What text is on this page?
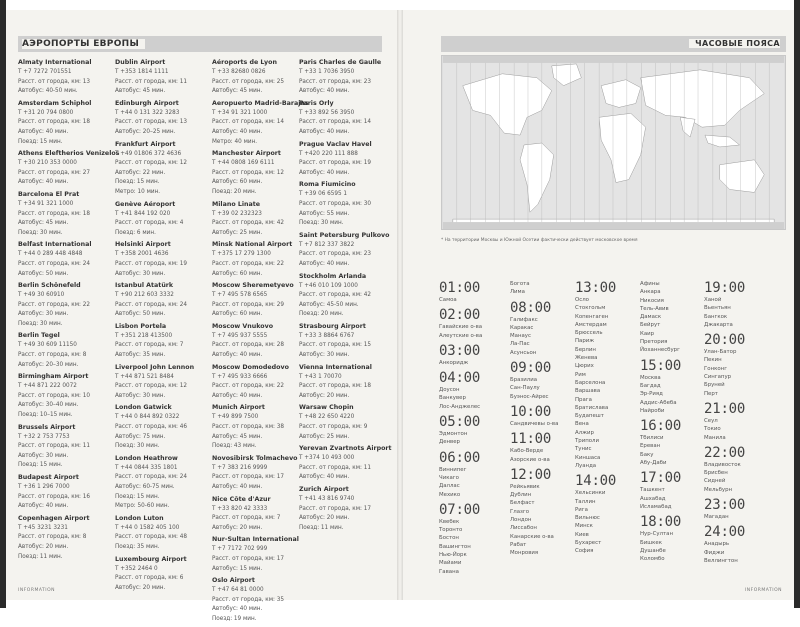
АЭРОПОРТЫ ЕВРОПЫ
Almaty International
T +7 7272 701551
Расст. от города, км: 13
Автобус: 40-50 мин.
Amsterdam Schiphol
T +31 20 794 0800
Расст. от города, км: 18
Автобус: 40 мин.
Поезд: 15 мин.
Athens Eleftherios Venizelos
T +30 210 353 0000
Расст. от города, км: 27
Автобус: 40 мин.
Barcelona El Prat
T +34 91 321 1000
Расст. от города, км: 18
Автобус: 45 мин.
Поезд: 30 мин.
Belfast International
T +44 0 289 448 4848
Расст. от города, км: 24
Автобус: 50 мин.
Berlin Schönefeld
T +49 30 60910
Расст. от города, км: 22
Автобус: 30 мин.
Поезд: 30 мин.
Berlin Tegel
T +49 30 609 11150
Расст. от города, км: 8
Автобус: 20–30 мин.
Birmingham Airport
T +44 871 222 0072
Расст. от города, км: 10
Автобус: 30–40 мин.
Поезд: 10–15 мин.
Brussels Airport
T +32 2 753 7753
Расст. от города, км: 11
Автобус: 30 мин.
Поезд: 15 мин.
Budapest Airport
T +36 1 296 7000
Расст. от города, км: 16
Автобус: 40 мин.
Copenhagen Airport
T +45 3231 3231
Расст. от города, км: 8
Автобус: 20 мин.
Поезд: 11 мин.
Dublin Airport
T +353 1814 1111
Расст. от города, км: 11
Автобус: 45 мин.
Edinburgh Airport
T +44 0 131 322 3283
Расст. от города, км: 13
Автобус: 20–25 мин.
Frankfurt Airport
T +49 01806 372 4636
Расст. от города, км: 12
Автобус: 22 мин.
Поезд: 15 мин.
Метро: 10 мин.
Genève Aéroport
T +41 844 192 020
Расст. от города, км: 4
Поезд: 6 мин.
Helsinki Airport
T +358 2001 4636
Расст. от города, км: 19
Автобус: 30 мин.
Istanbul Atatürk
T +90 212 603 3332
Расст. от города, км: 24
Автобус: 50 мин.
Lisbon Portela
T +351 218 413500
Расст. от города, км: 7
Автобус: 35 мин.
Liverpool John Lennon
T +44 871 521 8484
Расст. от города, км: 12
Автобус: 30 мин.
London Gatwick
T +44 0 844 892 0322
Расст. от города, км: 46
Автобус: 75 мин.
Поезд: 30 мин.
London Heathrow
T +44 0844 335 1801
Расст. от города, км: 24
Автобус: 60-75 мин.
Поезд: 15 мин.
Метро: 50-60 мин.
London Luton
T +44 0 1582 405 100
Расст. от города, км: 48
Поезд: 35 мин.
Luxembourg Airport
T +352 2464 0
Расст. от города, км: 6
Автобус: 20 мин.
Aéroports de Lyon
T +33 82680 0826
Расст. от города, км: 25
Автобус: 45 мин.
Aeropuerto Madrid-Barajas
T +34 91 321 1000
Расст. от города, км: 14
Автобус: 40 мин.
Метро: 40 мин.
Manchester Airport
T +44 0808 169 6111
Расст. от города, км: 12
Автобус: 60 мин.
Поезд: 20 мин.
Milano Linate
T +39 02 232323
Расст. от города, км: 42
Автобус: 25 мин.
Minsk National Airport
T +375 17 279 1300
Расст. от города, км: 22
Автобус: 60 мин.
Moscow Sheremetyevo
T +7 495 578 6565
Расст. от города, км: 29
Автобус: 60 мин.
Moscow Vnukovo
T +7 495 937 5555
Расст. от города, км: 28
Автобус: 40 мин.
Moscow Domodedovo
T +7 495 933 6666
Расст. от города, км: 22
Автобус: 40 мин.
Munich Airport
T +49 899 7500
Расст. от города, км: 38
Автобус: 45 мин.
Поезд: 43 мин.
Novosibirsk Tolmachevo
T +7 383 216 9999
Расст. от города, км: 17
Автобус: 40 мин.
Nice Côte d'Azur
T +33 820 42 3333
Расст. от города, км: 7
Автобус: 20 мин.
Nur-Sultan International
T +7 7172 702 999
Расст. от города, км: 17
Автобус: 15 мин.
Oslo Airport
T +47 64 81 0000
Расст. от города, км: 35
Автобус: 40 мин.
Поезд: 19 мин.
Paris Charles de Gaulle
T +33 1 7036 3950
Расст. от города, км: 23
Автобус: 40 мин.
Paris Orly
T +33 892 56 3950
Расст. от города, км: 14
Автобус: 40 мин.
Prague Vaclav Havel
T +420 220 111 888
Расст. от города, км: 19
Автобус: 40 мин.
Roma Fiumicino
T +39 06 6595 1
Расст. от города, км: 30
Автобус: 55 мин.
Поезд: 30 мин.
Saint Petersburg Pulkovo
T +7 812 337 3822
Расст. от города, км: 23
Автобус: 40 мин.
Stockholm Arlanda
T +46 010 109 1000
Расст. от города, км: 42
Автобус: 45-50 мин.
Поезд: 20 мин.
Strasbourg Airport
T +33 3 8864 6767
Расст. от города, км: 15
Автобус: 30 мин.
Vienna International
T +43 1 70070
Расст. от города, км: 18
Автобус: 20 мин.
Warsaw Chopin
T +48 22 650 4220
Расст. от города, км: 9
Автобус: 25 мин.
Yerevan Zvartnots Airport
T +374 10 493 000
Расст. от города, км: 11
Автобус: 40 мин.
Zurich Airport
T +41 43 816 9740
Расст. от города, км: 17
Автобус: 20 мин.
Поезд: 11 мин.
INFORMATION
ЧАСОВЫЕ ПОЯСА
* На территории Москвы и Южной Осетии фактически действует московское время
01:00
Самоа
02:00
Гавайские о-ва
Алеутские о-ва
03:00
Анкоридж
04:00
Доусон
Ванкувер
Лос-Анджелес
05:00
Эдмонтон
Денвер
06:00
Виннипег
Чикаго
Даллас
Мехико
07:00
Квебек
Торонто
Бостон
Вашингтон
Нью-Йорк
Майами
Гавана
Богота
Лима
08:00
Галифакс
Каракас
Манаус
Ла-Пас
Асунсьон
09:00
Бразилиа
Сан-Паулу
Буэнос-Айрес
10:00
Сандвичевы о-ва
11:00
Кабо-Верде
Азорские о-ва
12:00
Рейкьявик
Дублин
Белфаст
Глазго
Лондон
Лиссабон
Канарские о-ва
Рабат
Монровия
13:00
Осло
Стокгольм
Копенгаген
Амстердам
Брюссель
Париж
Берлин
Женева
Цюрих
Рим
Барселона
Варшава
Прага
Братислава
Будапешт
Вена
Алжир
Триполи
Тунис
Киншаса
Луанда
14:00
Хельсинки
Таллин
Рига
Вильнюс
Минск
Киев
Бухарест
София
Афины
Анкара
Никосия
Тель-Авив
Дамаск
Бейрут
Каир
Претория
Йоханнесбург
15:00
Москва
Багдад
Эр-Рияд
Аддис-Абеба
Найроби
16:00
Тбилиси
Ереван
Баку
Абу-Даби
17:00
Ташкент
Ашхабад
Исламабад
18:00
Нур-Султан
Бишкек
Душанбе
Коломбо
19:00
Ханой
Вьентьян
Бангкок
Джакарта
20:00
Улан-Батор
Пекин
Гонконг
Сингапур
Бруней
Перт
21:00
Сеул
Токио
Манила
22:00
Владивосток
Брисбен
Сидней
Мельбурн
23:00
Магадан
24:00
Анадырь
Фиджи
Веллингтон
INFORMATION
